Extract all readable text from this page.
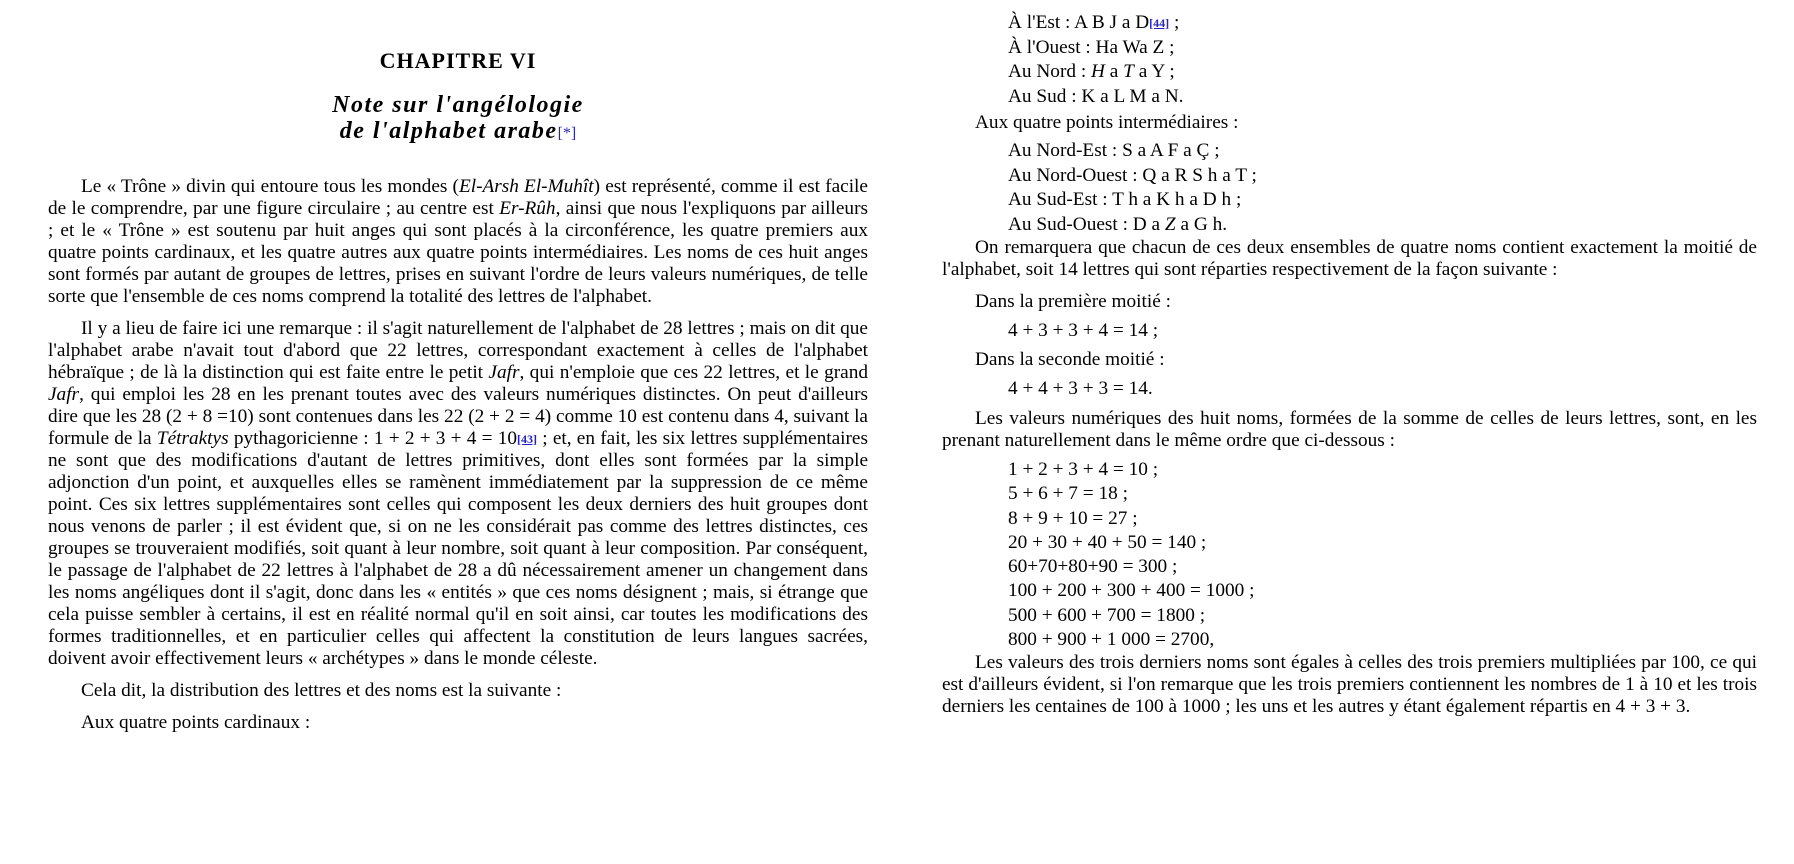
CHAPITRE VI
Note sur l'angélologie
de l'alphabet arabe[*]

Le « Trône » divin qui entoure tous les mondes (El-Arsh El-Muhît) est représenté, comme il est facile de le comprendre, par une figure circulaire ; au centre est Er-Rûh, ainsi que nous l'expliquons par ailleurs ; et le « Trône » est soutenu par huit anges qui sont placés à la circonférence, les quatre premiers aux quatre points cardinaux, et les quatre autres aux quatre points intermédiaires. Les noms de ces huit anges sont formés par autant de groupes de lettres, prises en suivant l'ordre de leurs valeurs numériques, de telle sorte que l'ensemble de ces noms comprend la totalité des lettres de l'alphabet.

Il y a lieu de faire ici une remarque : il s'agit naturellement de l'alphabet de 28 lettres ; mais on dit que l'alphabet arabe n'avait tout d'abord que 22 lettres, correspondant exactement à celles de l'alphabet hébraïque ; de là la distinction qui est faite entre le petit Jafr, qui n'emploie que ces 22 lettres, et le grand Jafr, qui emploi les 28 en les prenant toutes avec des valeurs numériques distinctes. On peut d'ailleurs dire que les 28 (2 + 8 =10) sont contenues dans les 22 (2 + 2 = 4) comme 10 est contenu dans 4, suivant la formule de la Tétraktys pythagoricienne : 1 + 2 + 3 + 4 = 10[43] ; et, en fait, les six lettres supplémentaires ne sont que des modifications d'autant de lettres primitives, dont elles sont formées par la simple adjonction d'un point, et auxquelles elles se ramènent immédiatement par la suppression de ce même point. Ces six lettres supplémentaires sont celles qui composent les deux derniers des huit groupes dont nous venons de parler ; il est évident que, si on ne les considérait pas comme des lettres distinctes, ces groupes se trouveraient modifiés, soit quant à leur nombre, soit quant à leur composition. Par conséquent, le passage de l'alphabet de 22 lettres à l'alphabet de 28 a dû nécessairement amener un changement dans les noms angéliques dont il s'agit, donc dans les « entités » que ces noms désignent ; mais, si étrange que cela puisse sembler à certains, il est en réalité normal qu'il en soit ainsi, car toutes les modifications des formes traditionnelles, et en particulier celles qui affectent la constitution de leurs langues sacrées, doivent avoir effectivement leurs « archétypes » dans le monde céleste.

Cela dit, la distribution des lettres et des noms est la suivante :

Aux quatre points cardinaux :

À l'Est : A B J a D[44] ;
À l'Ouest : Ha Wa Z ;
Au Nord : H a T a Y ;
Au Sud : K a L M a N.
Aux quatre points intermédiaires :
Au Nord-Est : S a A F a Ç ;
Au Nord-Ouest : Q a R S h a T ;
Au Sud-Est : T h a K h a D h ;
Au Sud-Ouest : D a Z a G h.

On remarquera que chacun de ces deux ensembles de quatre noms contient exactement la moitié de l'alphabet, soit 14 lettres qui sont réparties respectivement de la façon suivante :

Dans la première moitié :
4 + 3 + 3 + 4 = 14 ;
Dans la seconde moitié :
4 + 4 + 3 + 3 = 14.

Les valeurs numériques des huit noms, formées de la somme de celles de leurs lettres, sont, en les prenant naturellement dans le même ordre que ci-dessous :

1 + 2 + 3 + 4 = 10 ;
5 + 6 + 7 = 18 ;
8 + 9 + 10 = 27 ;
20 + 30 + 40 + 50 = 140 ;
60+70+80+90 = 300 ;
100 + 200 + 300 + 400 = 1000 ;
500 + 600 + 700 = 1800 ;
800 + 900 + 1 000 = 2700,

Les valeurs des trois derniers noms sont égales à celles des trois premiers multipliées par 100, ce qui est d'ailleurs évident, si l'on remarque que les trois premiers contiennent les nombres de 1 à 10 et les trois derniers les centaines de 100 à 1000 ; les uns et les autres y étant également répartis en 4 + 3 + 3.
